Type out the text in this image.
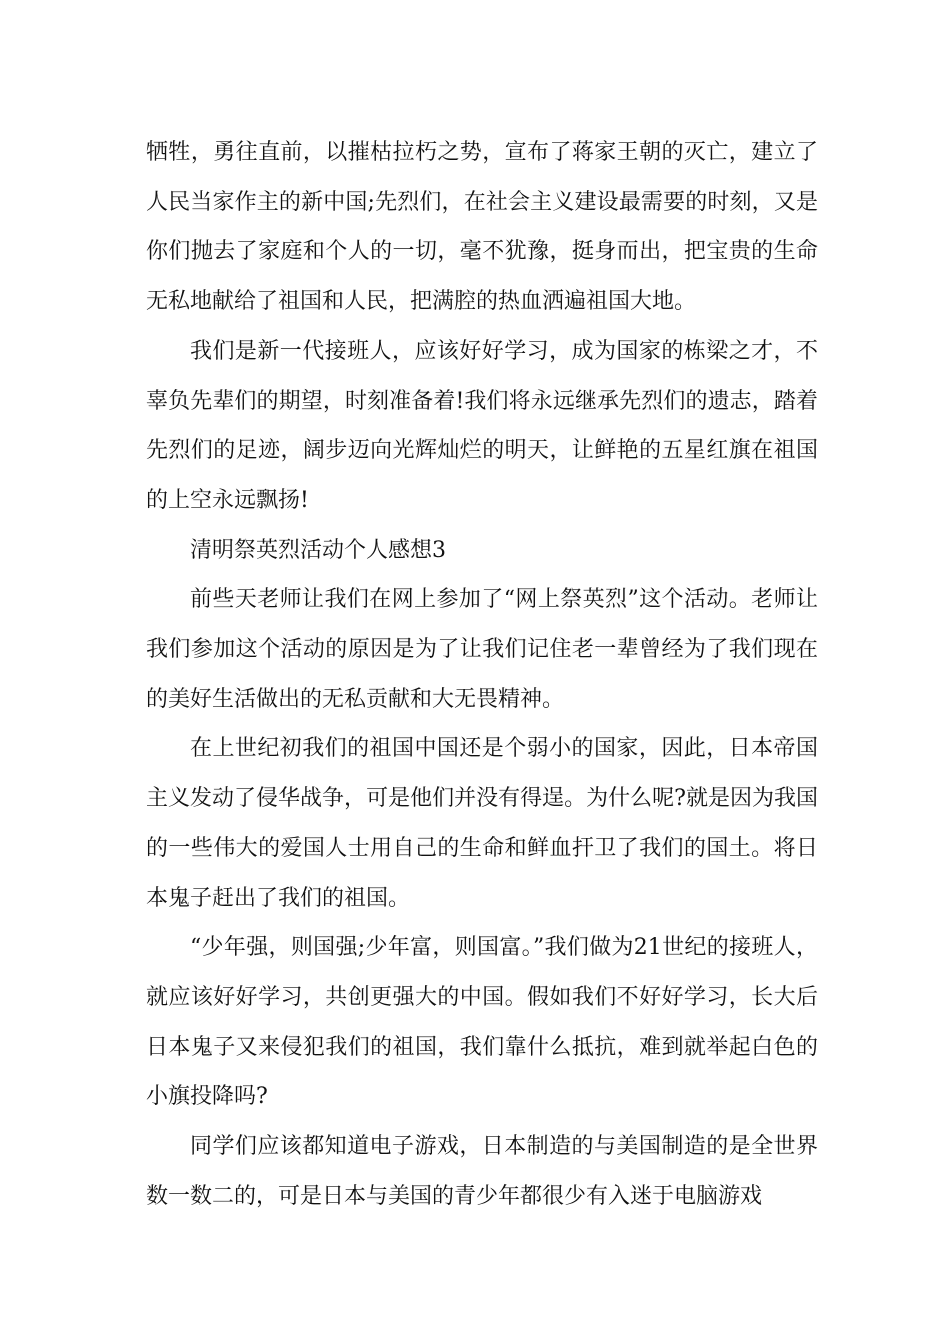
牺牲，勇往直前，以摧枯拉朽之势，宣布了蒋家王朝的灭亡，建立了人民当家作主的新中国;先烈们，在社会主义建设最需要的时刻，又是你们抛去了家庭和个人的一切，毫不犹豫，挺身而出，把宝贵的生命无私地献给了祖国和人民，把满腔的热血洒遍祖国大地。

我们是新一代接班人，应该好好学习，成为国家的栋梁之才，不辜负先辈们的期望，时刻准备着!我们将永远继承先烈们的遗志，踏着先烈们的足迹，阔步迈向光辉灿烂的明天，让鲜艳的五星红旗在祖国的上空永远飘扬!

清明祭英烈活动个人感想3

前些天老师让我们在网上参加了“网上祭英烈”这个活动。老师让我们参加这个活动的原因是为了让我们记住老一辈曾经为了我们现在的美好生活做出的无私贡献和大无畏精神。

在上世纪初我们的祖国中国还是个弱小的国家，因此，日本帝国主义发动了侵华战争，可是他们并没有得逞。为什么呢?就是因为我国的一些伟大的爱国人士用自己的生命和鲜血扞卫了我们的国土。将日本鬼子赶出了我们的祖国。

“少年强，则国强;少年富，则国富。”我们做为21世纪的接班人，就应该好好学习，共创更强大的中国。假如我们不好好学习，长大后日本鬼子又来侵犯我们的祖国，我们靠什么抵抗，难到就举起白色的小旗投降吗?

同学们应该都知道电子游戏，日本制造的与美国制造的是全世界数一数二的，可是日本与美国的青少年都很少有入迷于电脑游戏
